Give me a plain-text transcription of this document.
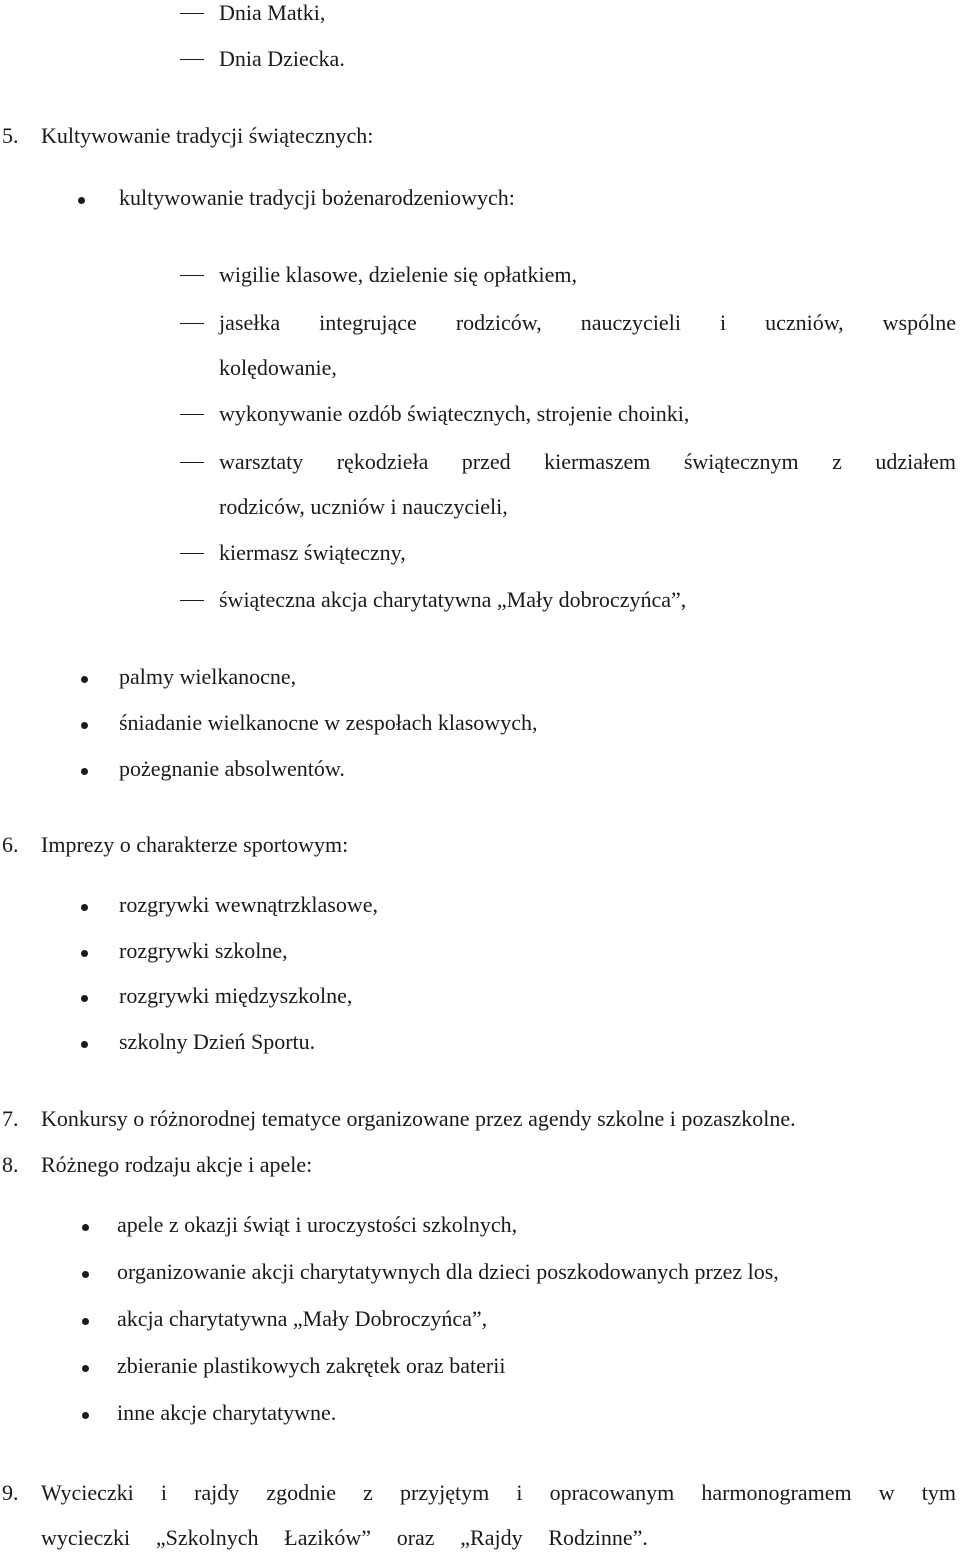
Dnia Matki,
Dnia Dziecka.
5. Kultywowanie tradycji świątecznych:
kultywowanie tradycji bożenarodzeniowych:
wigilie klasowe, dzielenie się opłatkiem,
jasełka integrujące rodziców, nauczycieli i uczniów, wspólne
kolędowanie,
wykonywanie ozdób świątecznych, strojenie choinki,
warsztaty rękodzieła przed kiermaszem świątecznym z udziałem
rodziców, uczniów i nauczycieli,
kiermasz świąteczny,
świąteczna akcja charytatywna „Mały dobroczyńca”,
palmy wielkanocne,
śniadanie wielkanocne w zespołach klasowych,
pożegnanie absolwentów.
6. Imprezy o charakterze sportowym:
rozgrywki wewnątrzklasowe,
rozgrywki szkolne,
rozgrywki międzyszkolne,
szkolny Dzień Sportu.
7. Konkursy o różnorodnej tematyce organizowane przez agendy szkolne i pozaszkolne.
8. Różnego rodzaju akcje i apele:
apele z okazji świąt i uroczystości szkolnych,
organizowanie akcji charytatywnych dla dzieci poszkodowanych przez los,
akcja charytatywna „Mały Dobroczyńca”,
zbieranie plastikowych zakrętek oraz baterii
inne akcje charytatywne.
9. Wycieczki i rajdy zgodnie z przyjętym i opracowanym harmonogramem w tym
wycieczki „Szkolnych Łazików” oraz „Rajdy Rodzinne”.
